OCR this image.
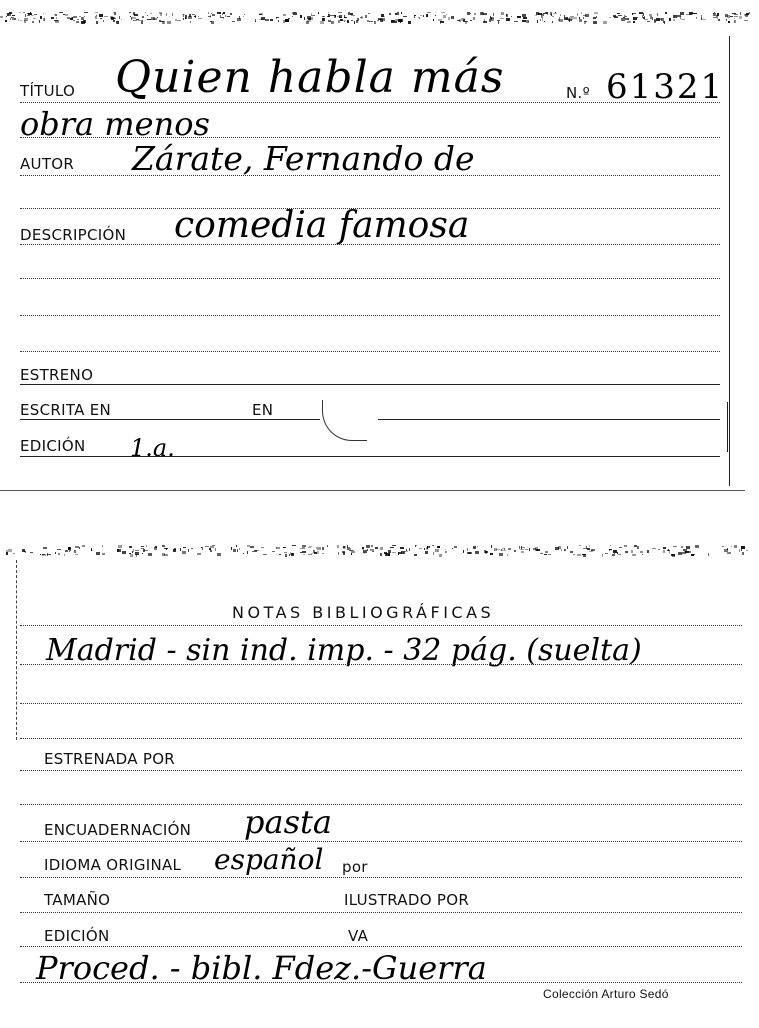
TÍTULO Quien habla más	N.º 61321
obra menos
AUTOR Zárate, Fernando de
DESCRIPCIÓN comedia famosa
ESTRENO
ESCRITA EN	EN
EDICIÓN 1.a.
NOTAS BIBLIOGRÁFICAS
Madrid - sin ind. imp. - 32 pág. (suelta)
ESTRENADA POR
ENCUADERNACIÓN pasta
IDIOMA ORIGINAL español por
TAMAÑO	ILUSTRADO POR
EDICIÓN	VA
Proced. - bibl. Fdez.-Guerra
Colección Arturo Sedó
